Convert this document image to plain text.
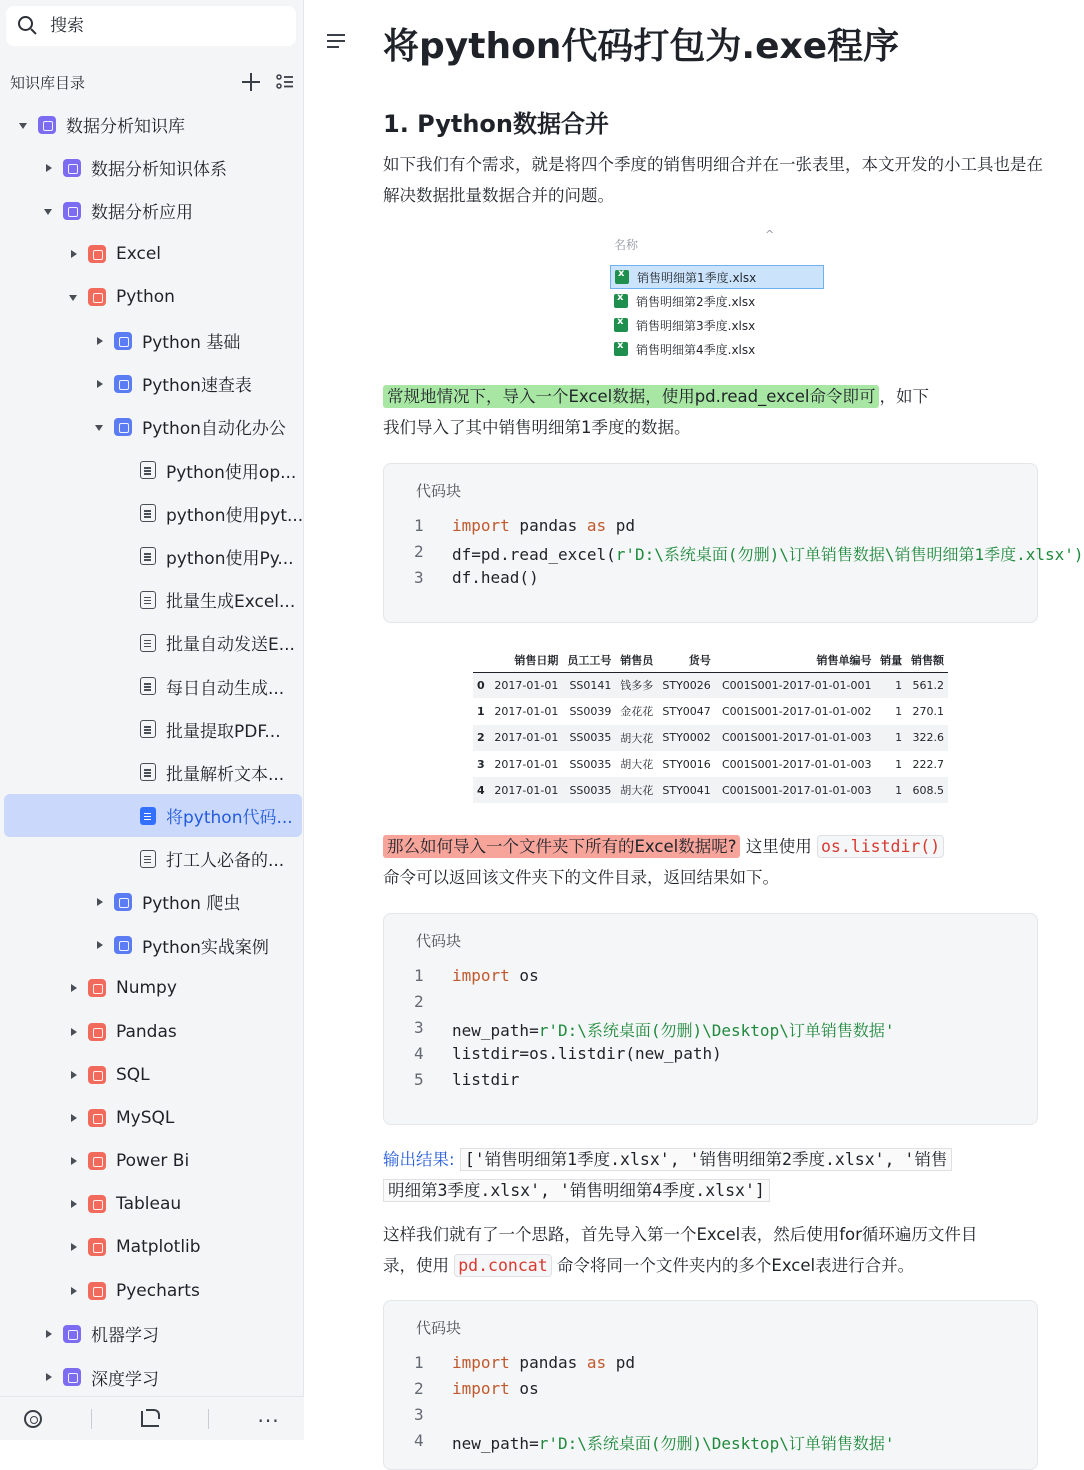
搜索
知识库目录
数据分析知识库
数据分析知识体系
数据分析应用
Excel
Python
Python 基础
Python速查表
Python自动化办公
Python使用op...
python使用pyt...
python使用Py...
批量生成Excel...
批量自动发送E...
每日自动生成...
批量提取PDF...
批量解析文本...
将python代码...
打工人必备的...
Python 爬虫
Python实战案例
Numpy
Pandas
SQL
MySQL
Power Bi
Tableau
Matplotlib
Pyecharts
机器学习
深度学习
...
将python代码打包为.exe程序
1. Python数据合并
如下我们有个需求，就是将四个季度的销售明细合并在一张表里，本文开发的小工具也是在解决数据批量数据合并的问题。
名称
^
x
销售明细第1季度.xlsx
x
销售明细第2季度.xlsx
x
销售明细第3季度.xlsx
x
销售明细第4季度.xlsx
常规地情况下，导入一个Excel数据，使用pd.read_excel命令即可 ，如下
我们导入了其中销售明细第1季度的数据。
代码块
1	import pandas as pd
2	df=pd.read_excel(r'D:\系统桌面(勿删)\订单销售数据\销售明细第1季度.xlsx')
3	df.head()
	销售日期	员工工号	销售员	货号	销售单编号	销量	销售额
0	2017-01-01	SS0141	钱多多	STY0026	C001S001-2017-01-01-001	1	561.2
1	2017-01-01	SS0039	金花花	STY0047	C001S001-2017-01-01-002	1	270.1
2	2017-01-01	SS0035	胡大花	STY0002	C001S001-2017-01-01-003	1	322.6
3	2017-01-01	SS0035	胡大花	STY0016	C001S001-2017-01-01-003	1	222.7
4	2017-01-01	SS0035	胡大花	STY0041	C001S001-2017-01-01-003	1	608.5
那么如何导入一个文件夹下所有的Excel数据呢? 这里使用 os.listdir()
命令可以返回该文件夹下的文件目录，返回结果如下。
代码块
1	import os
2
3	new_path=r'D:\系统桌面(勿删)\Desktop\订单销售数据'
4	listdir=os.listdir(new_path)
5	listdir
输出结果: ['销售明细第1季度.xlsx', '销售明细第2季度.xlsx', '销售
明细第3季度.xlsx', '销售明细第4季度.xlsx']
这样我们就有了一个思路，首先导入第一个Excel表，然后使用for循环遍历文件目
录，使用 pd.concat 命令将同一个文件夹内的多个Excel表进行合并。
代码块
1	import pandas as pd
2	import os
3
4	new_path=r'D:\系统桌面(勿删)\Desktop\订单销售数据'
